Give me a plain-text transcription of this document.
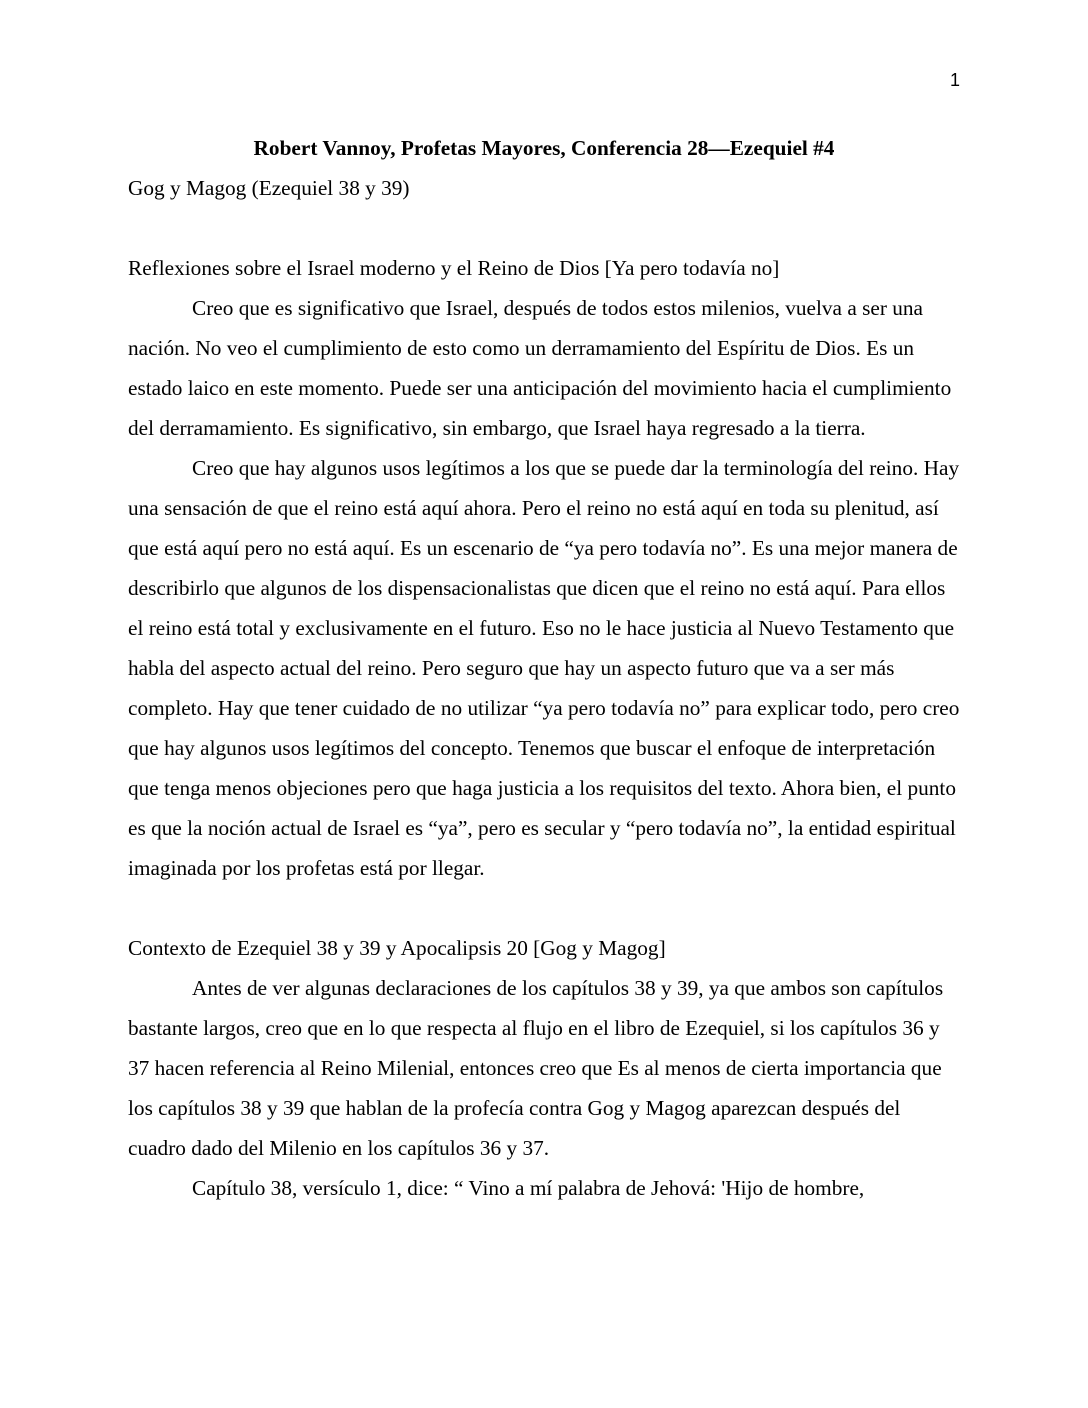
1

Robert Vannoy, Profetas Mayores, Conferencia 28—Ezequiel #4

Gog y Magog (Ezequiel 38 y 39)

Reflexiones sobre el Israel moderno y el Reino de Dios [Ya pero todavía no]

Creo que es significativo que Israel, después de todos estos milenios, vuelva a ser una nación. No veo el cumplimiento de esto como un derramamiento del Espíritu de Dios. Es un estado laico en este momento. Puede ser una anticipación del movimiento hacia el cumplimiento del derramamiento. Es significativo, sin embargo, que Israel haya regresado a la tierra.

Creo que hay algunos usos legítimos a los que se puede dar la terminología del reino. Hay una sensación de que el reino está aquí ahora. Pero el reino no está aquí en toda su plenitud, así que está aquí pero no está aquí. Es un escenario de “ya pero todavía no”. Es una mejor manera de describirlo que algunos de los dispensacionalistas que dicen que el reino no está aquí. Para ellos el reino está total y exclusivamente en el futuro. Eso no le hace justicia al Nuevo Testamento que habla del aspecto actual del reino. Pero seguro que hay un aspecto futuro que va a ser más completo. Hay que tener cuidado de no utilizar “ya pero todavía no” para explicar todo, pero creo que hay algunos usos legítimos del concepto. Tenemos que buscar el enfoque de interpretación que tenga menos objeciones pero que haga justicia a los requisitos del texto. Ahora bien, el punto es que la noción actual de Israel es “ya”, pero es secular y “pero todavía no”, la entidad espiritual imaginada por los profetas está por llegar.

Contexto de Ezequiel 38 y 39 y Apocalipsis 20 [Gog y Magog]

Antes de ver algunas declaraciones de los capítulos 38 y 39, ya que ambos son capítulos bastante largos, creo que en lo que respecta al flujo en el libro de Ezequiel, si los capítulos 36 y 37 hacen referencia al Reino Milenial, entonces creo que Es al menos de cierta importancia que los capítulos 38 y 39 que hablan de la profecía contra Gog y Magog aparezcan después del cuadro dado del Milenio en los capítulos 36 y 37.

Capítulo 38, versículo 1, dice: “ Vino a mí palabra de Jehová: 'Hijo de hombre,
